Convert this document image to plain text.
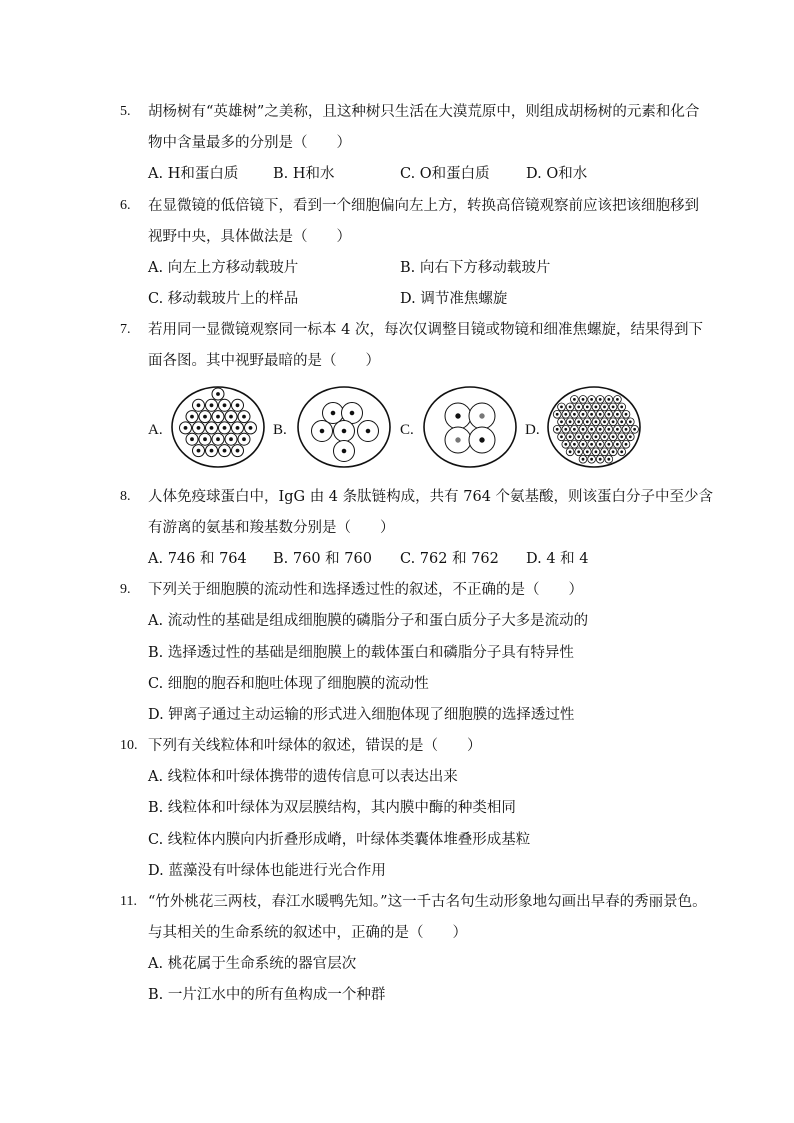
5. 胡杨树有“英雄树”之美称，且这种树只生活在大漠荒原中，则组成胡杨树的元素和化合
物中含量最多的分别是（　　）
A. H和蛋白质 B. H和水	C. O和蛋白质	D. O和水
6. 在显微镜的低倍镜下，看到一个细胞偏向左上方，转换高倍镜观察前应该把该细胞移到
视野中央，具体做法是（　　）
A. 向左上方移动载玻片	B. 向右下方移动载玻片
C. 移动载玻片上的样品	D. 调节准焦螺旋
7. 若用同一显微镜观察同一标本 4 次，每次仅调整目镜或物镜和细准焦螺旋，结果得到下
面各图。其中视野最暗的是（　　）
A.	B.	C.	D.
8. 人体免疫球蛋白中，IgG 由 4 条肽链构成，共有 764 个氨基酸，则该蛋白分子中至少含
有游离的氨基和羧基数分别是（　　）
A. 746 和 764 B. 760 和 760 C. 762 和 762 D. 4 和 4
9. 下列关于细胞膜的流动性和选择透过性的叙述，不正确的是（　　）
A. 流动性的基础是组成细胞膜的磷脂分子和蛋白质分子大多是流动的
B. 选择透过性的基础是细胞膜上的载体蛋白和磷脂分子具有特异性
C. 细胞的胞吞和胞吐体现了细胞膜的流动性
D. 钾离子通过主动运输的形式进入细胞体现了细胞膜的选择透过性
10. 下列有关线粒体和叶绿体的叙述，错误的是（　　）
A. 线粒体和叶绿体携带的遗传信息可以表达出来
B. 线粒体和叶绿体为双层膜结构，其内膜中酶的种类相同
C. 线粒体内膜向内折叠形成嵴，叶绿体类囊体堆叠形成基粒
D. 蓝藻没有叶绿体也能进行光合作用
11. “竹外桃花三两枝，春江水暖鸭先知。”这一千古名句生动形象地勾画出早春的秀丽景色。
与其相关的生命系统的叙述中，正确的是（　　）
A. 桃花属于生命系统的器官层次
B. 一片江水中的所有鱼构成一个种群
